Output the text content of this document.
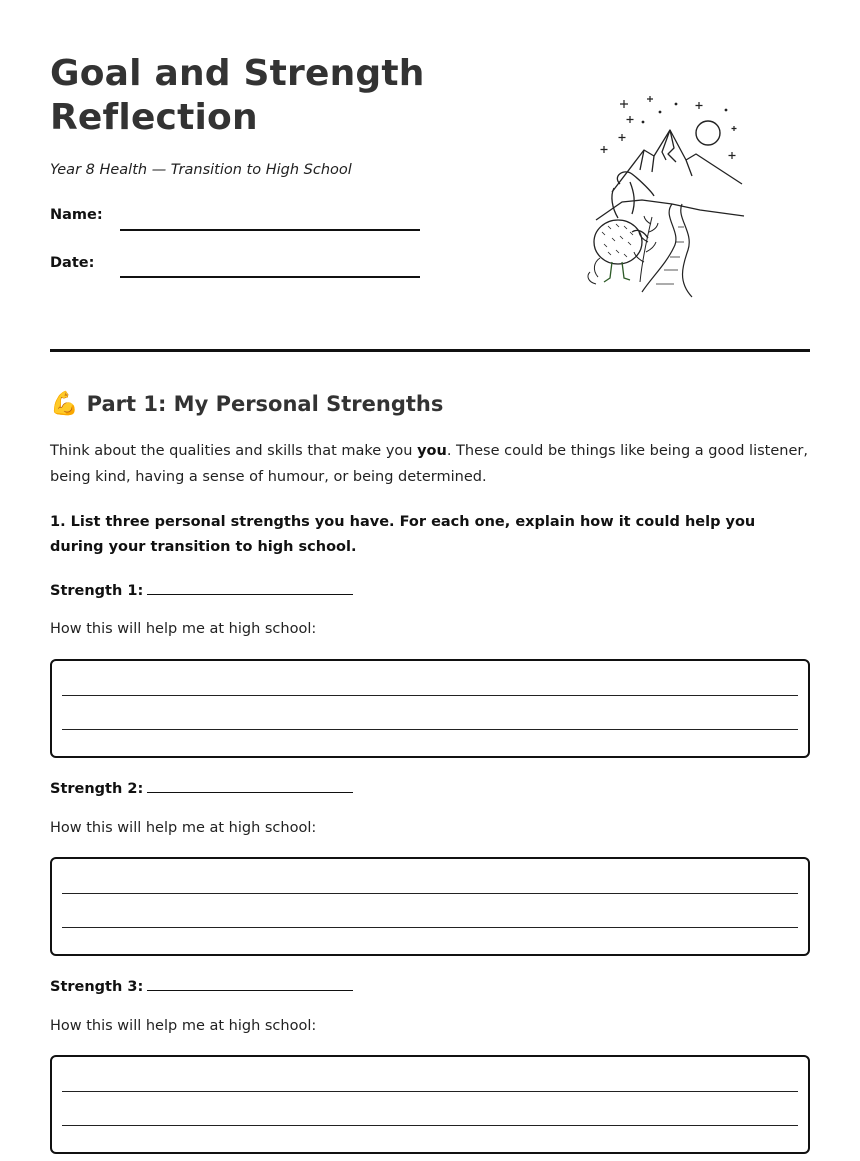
Goal and Strength
Reflection
Year 8 Health — Transition to High School
Name:
Date:
💪 Part 1: My Personal Strengths
Think about the qualities and skills that make you you. These could be things like being a good listener, being kind, having a sense of humour, or being determined.
1. List three personal strengths you have. For each one, explain how it could help you during your transition to high school.
Strength 1:
How this will help me at high school:
Strength 2:
How this will help me at high school:
Strength 3:
How this will help me at high school:
